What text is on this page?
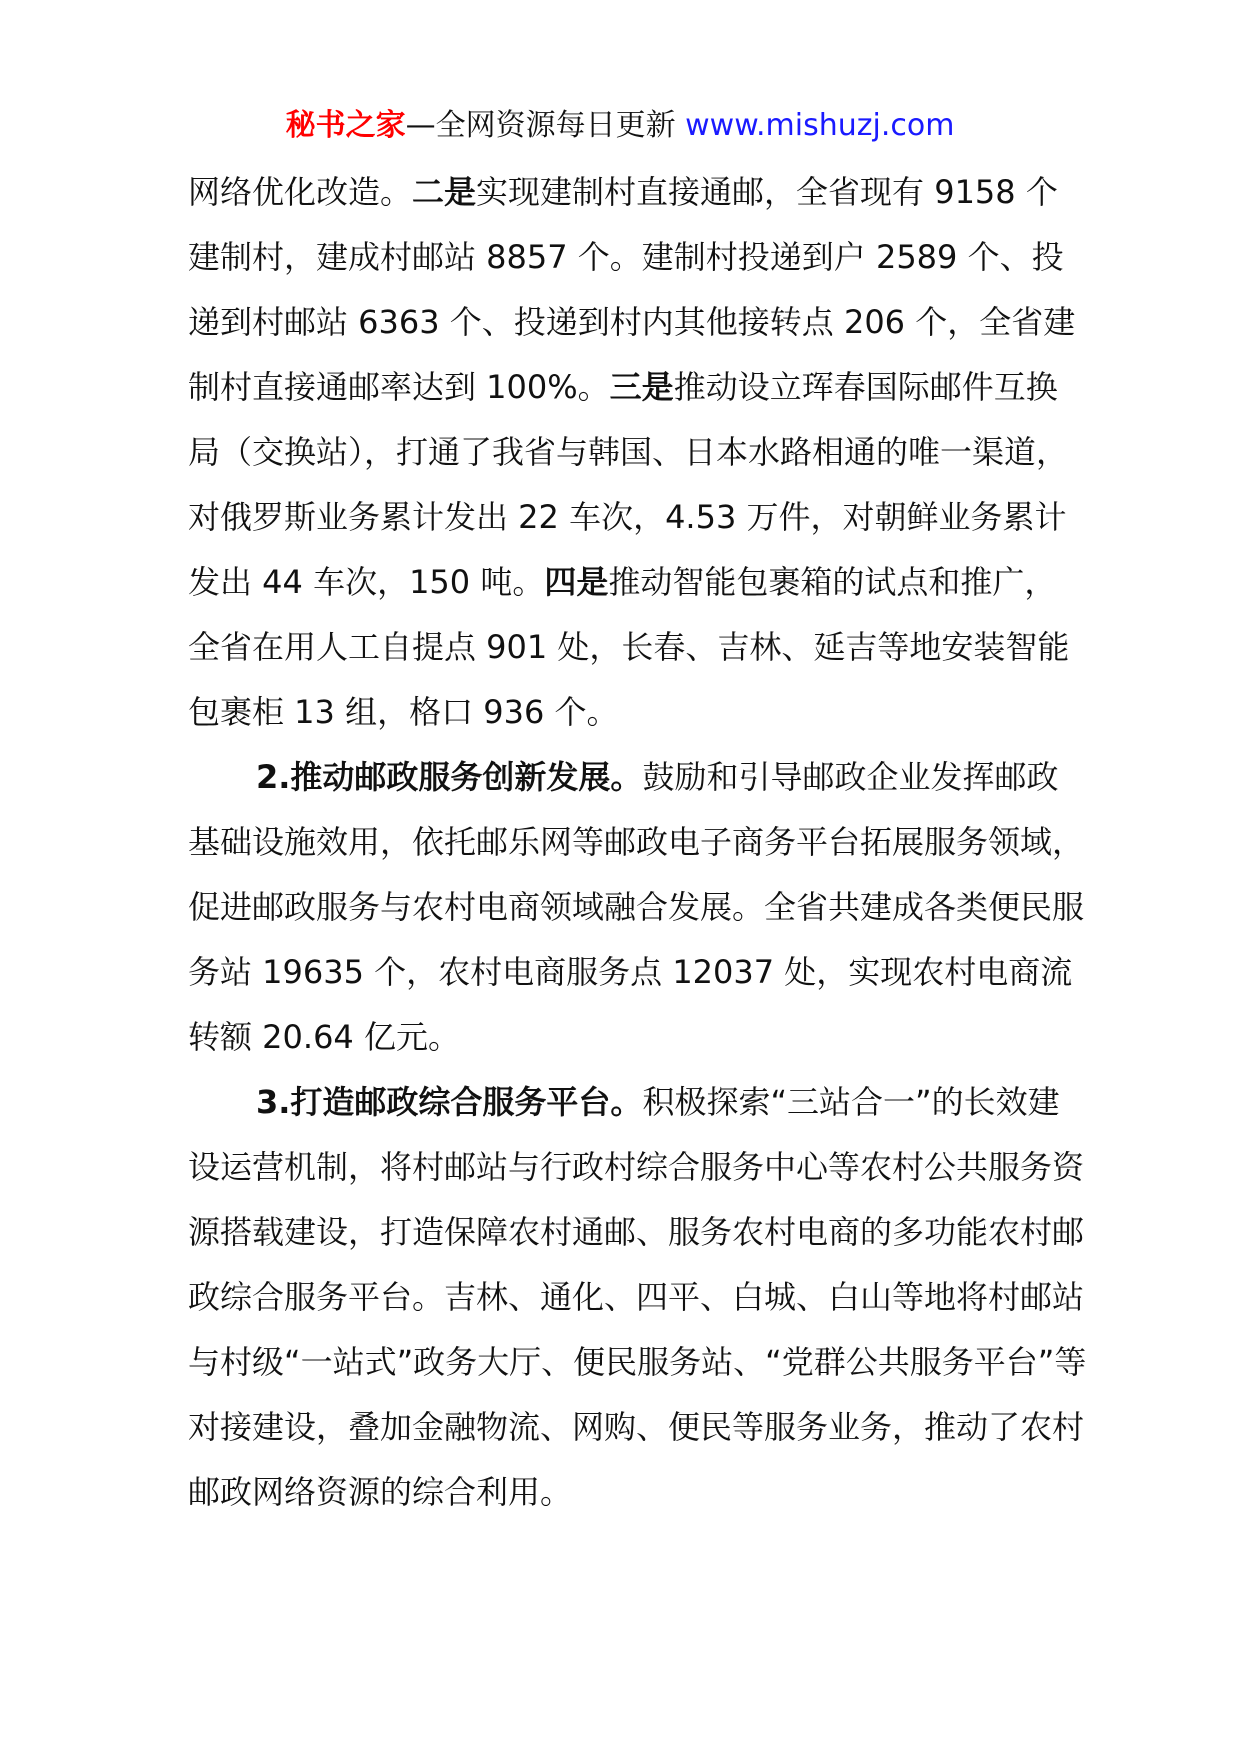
秘书之家—全网资源每日更新 www.mishuzj.com

网络优化改造。二是实现建制村直接通邮，全省现有 9158 个建制村，建成村邮站 8857 个。建制村投递到户 2589 个、投递到村邮站 6363 个、投递到村内其他接转点 206 个，全省建制村直接通邮率达到 100%。三是推动设立珲春国际邮件互换局（交换站），打通了我省与韩国、日本水路相通的唯一渠道，对俄罗斯业务累计发出 22 车次，4.53 万件，对朝鲜业务累计发出 44 车次，150 吨。四是推动智能包裹箱的试点和推广，全省在用人工自提点 901 处，长春、吉林、延吉等地安装智能包裹柜 13 组，格口 936 个。

2.推动邮政服务创新发展。鼓励和引导邮政企业发挥邮政基础设施效用，依托邮乐网等邮政电子商务平台拓展服务领域，促进邮政服务与农村电商领域融合发展。全省共建成各类便民服务站 19635 个，农村电商服务点 12037 处，实现农村电商流转额 20.64 亿元。

3.打造邮政综合服务平台。积极探索“三站合一”的长效建设运营机制，将村邮站与行政村综合服务中心等农村公共服务资源搭载建设，打造保障农村通邮、服务农村电商的多功能农村邮政综合服务平台。吉林、通化、四平、白城、白山等地将村邮站与村级“一站式”政务大厅、便民服务站、“党群公共服务平台”等对接建设，叠加金融物流、网购、便民等服务业务，推动了农村邮政网络资源的综合利用。
